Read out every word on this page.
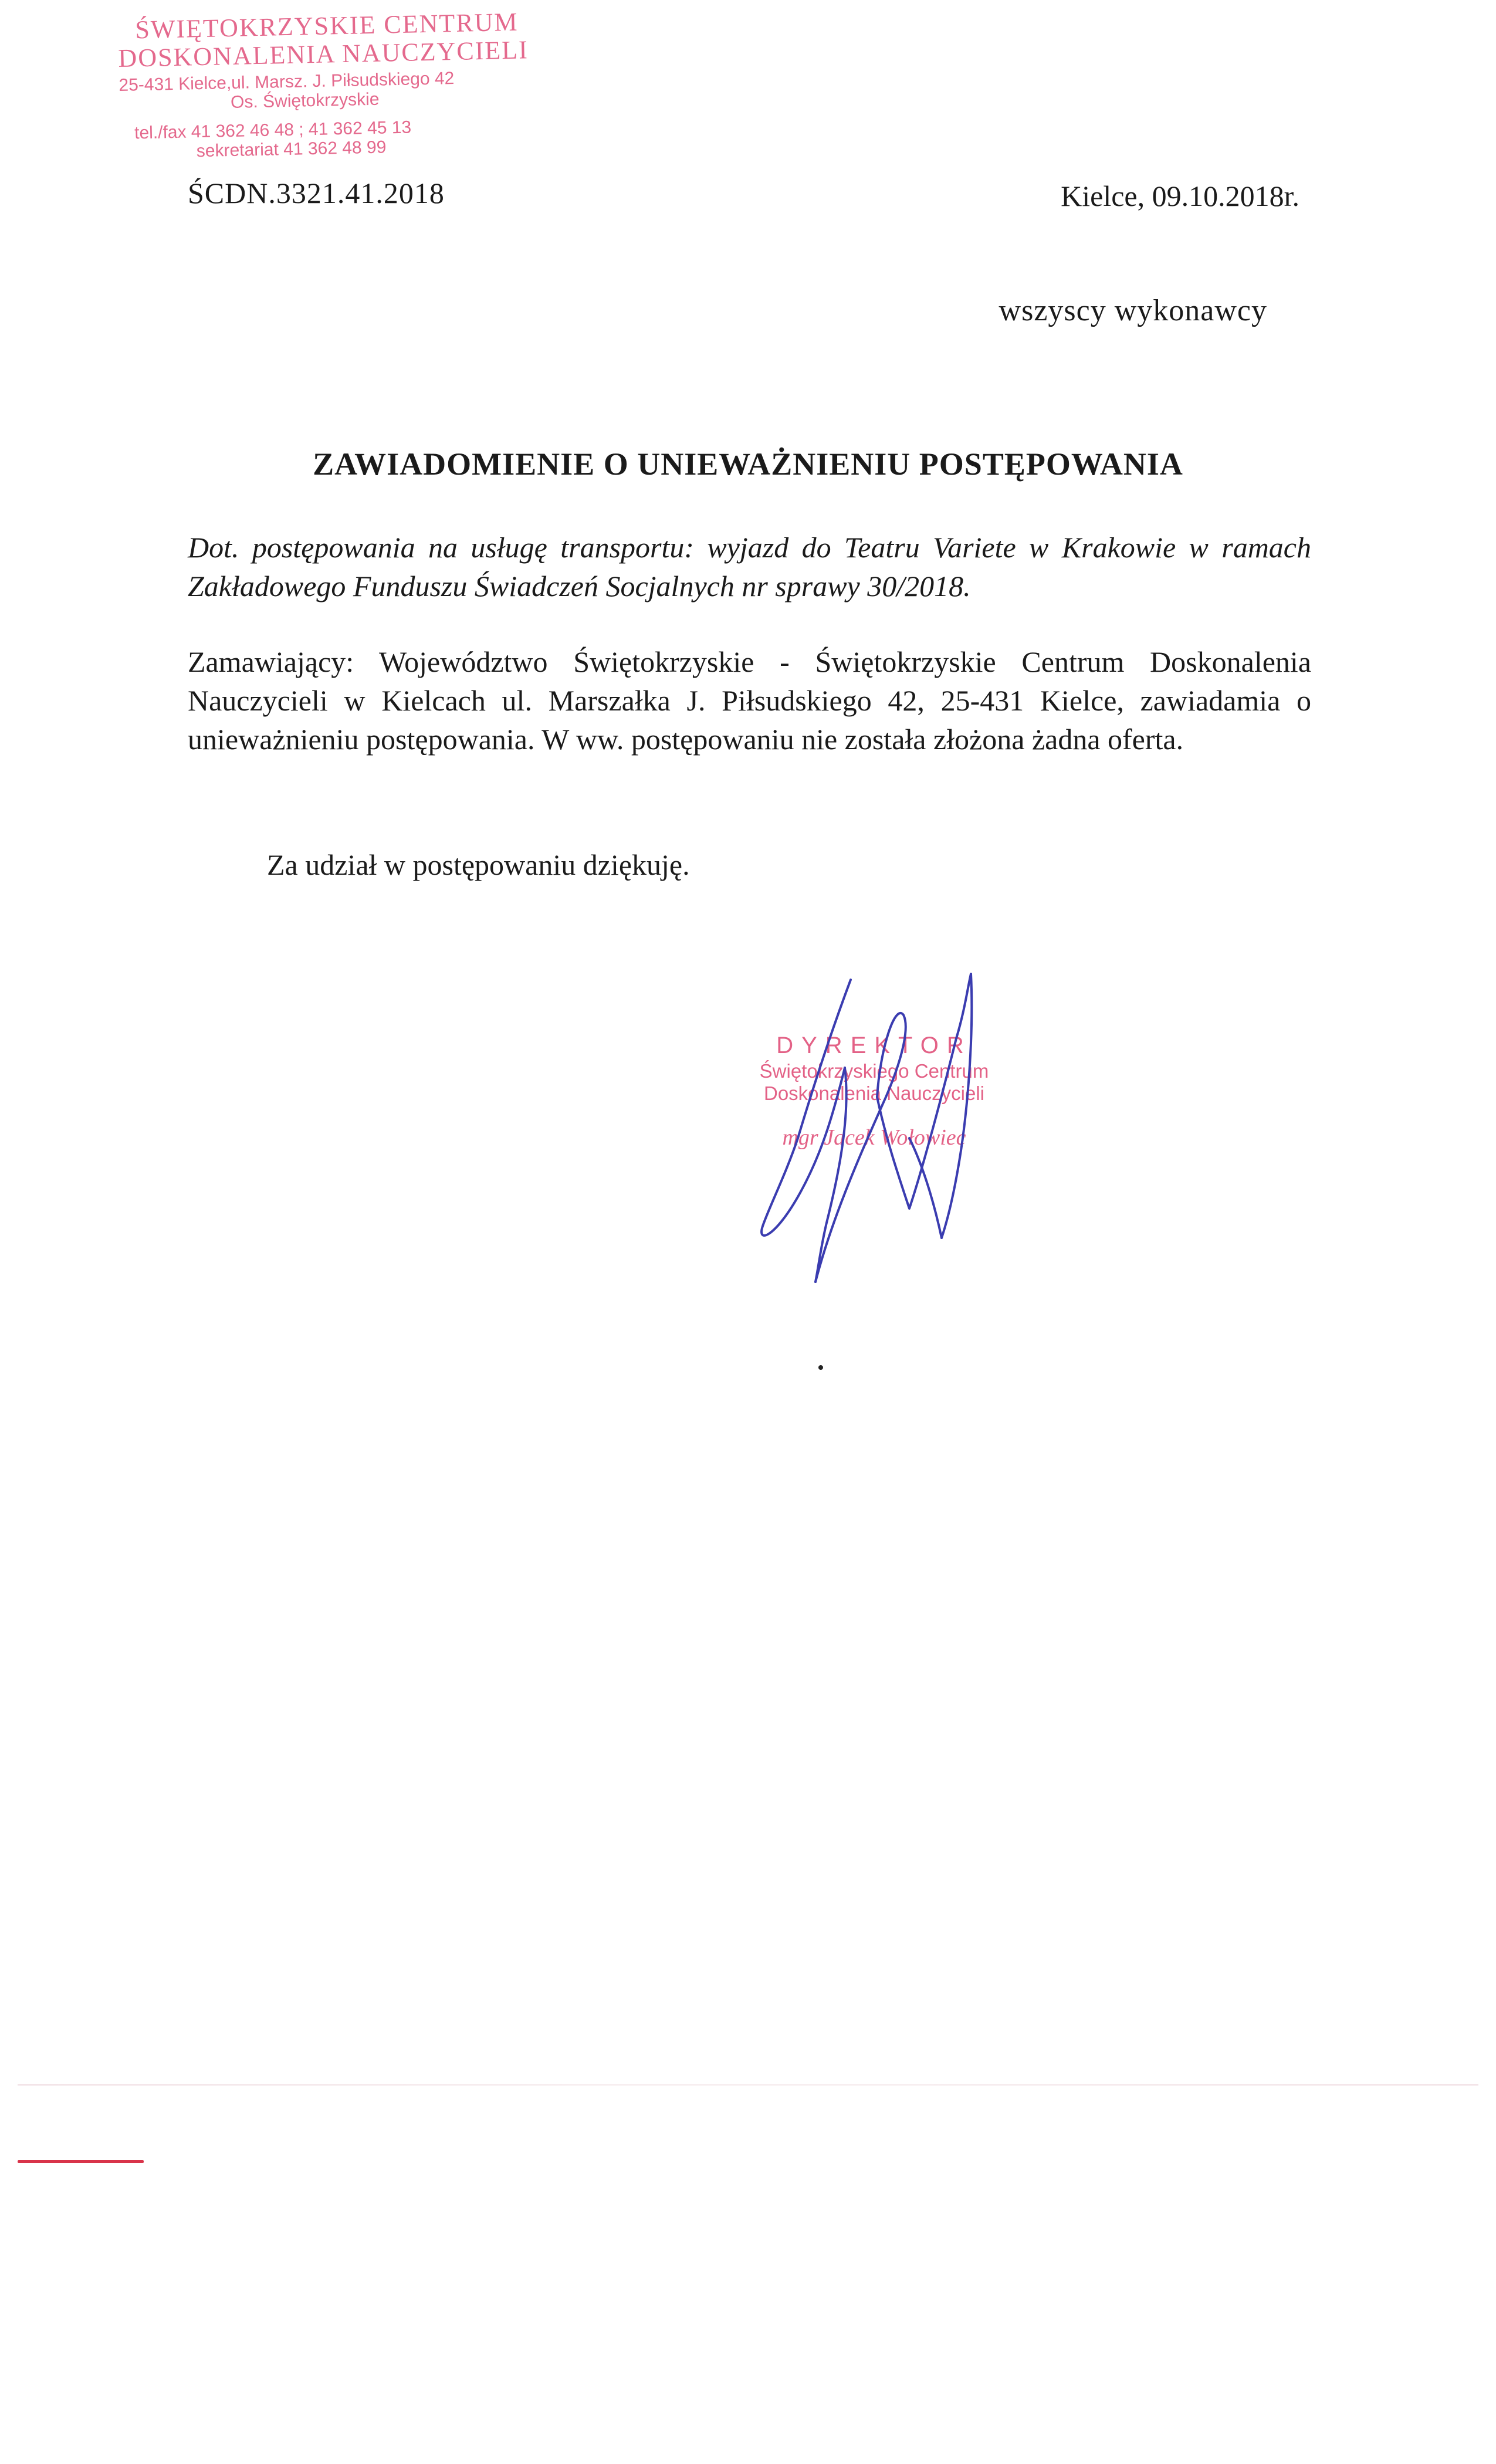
ŚWIĘTOKRZYSKIE CENTRUM
DOSKONALENIA NAUCZYCIELI
25-431 Kielce,ul. Marsz. J. Piłsudskiego 42
Os. Świętokrzyskie
tel./fax 41 362 46 48 ; 41 362 45 13
sekretariat 41 362 48 99
ŚCDN.3321.41.2018	Kielce, 09.10.2018r.
wszyscy wykonawcy
ZAWIADOMIENIE O UNIEWAŻNIENIU POSTĘPOWANIA
Dot. postępowania na usługę transportu: wyjazd do Teatru Variete w Krakowie w ramach Zakładowego Funduszu Świadczeń Socjalnych nr sprawy 30/2018.
Zamawiający: Województwo Świętokrzyskie - Świętokrzyskie Centrum Doskonalenia Nauczycieli w Kielcach ul. Marszałka J. Piłsudskiego 42, 25-431 Kielce, zawiadamia o unieważnieniu postępowania. W ww. postępowaniu nie została złożona żadna oferta.
Za udział w postępowaniu dziękuję.
DYREKTOR
Świętokrzyskiego Centrum
Doskonalenia Nauczycieli
mgr Jacek Wołowiec
